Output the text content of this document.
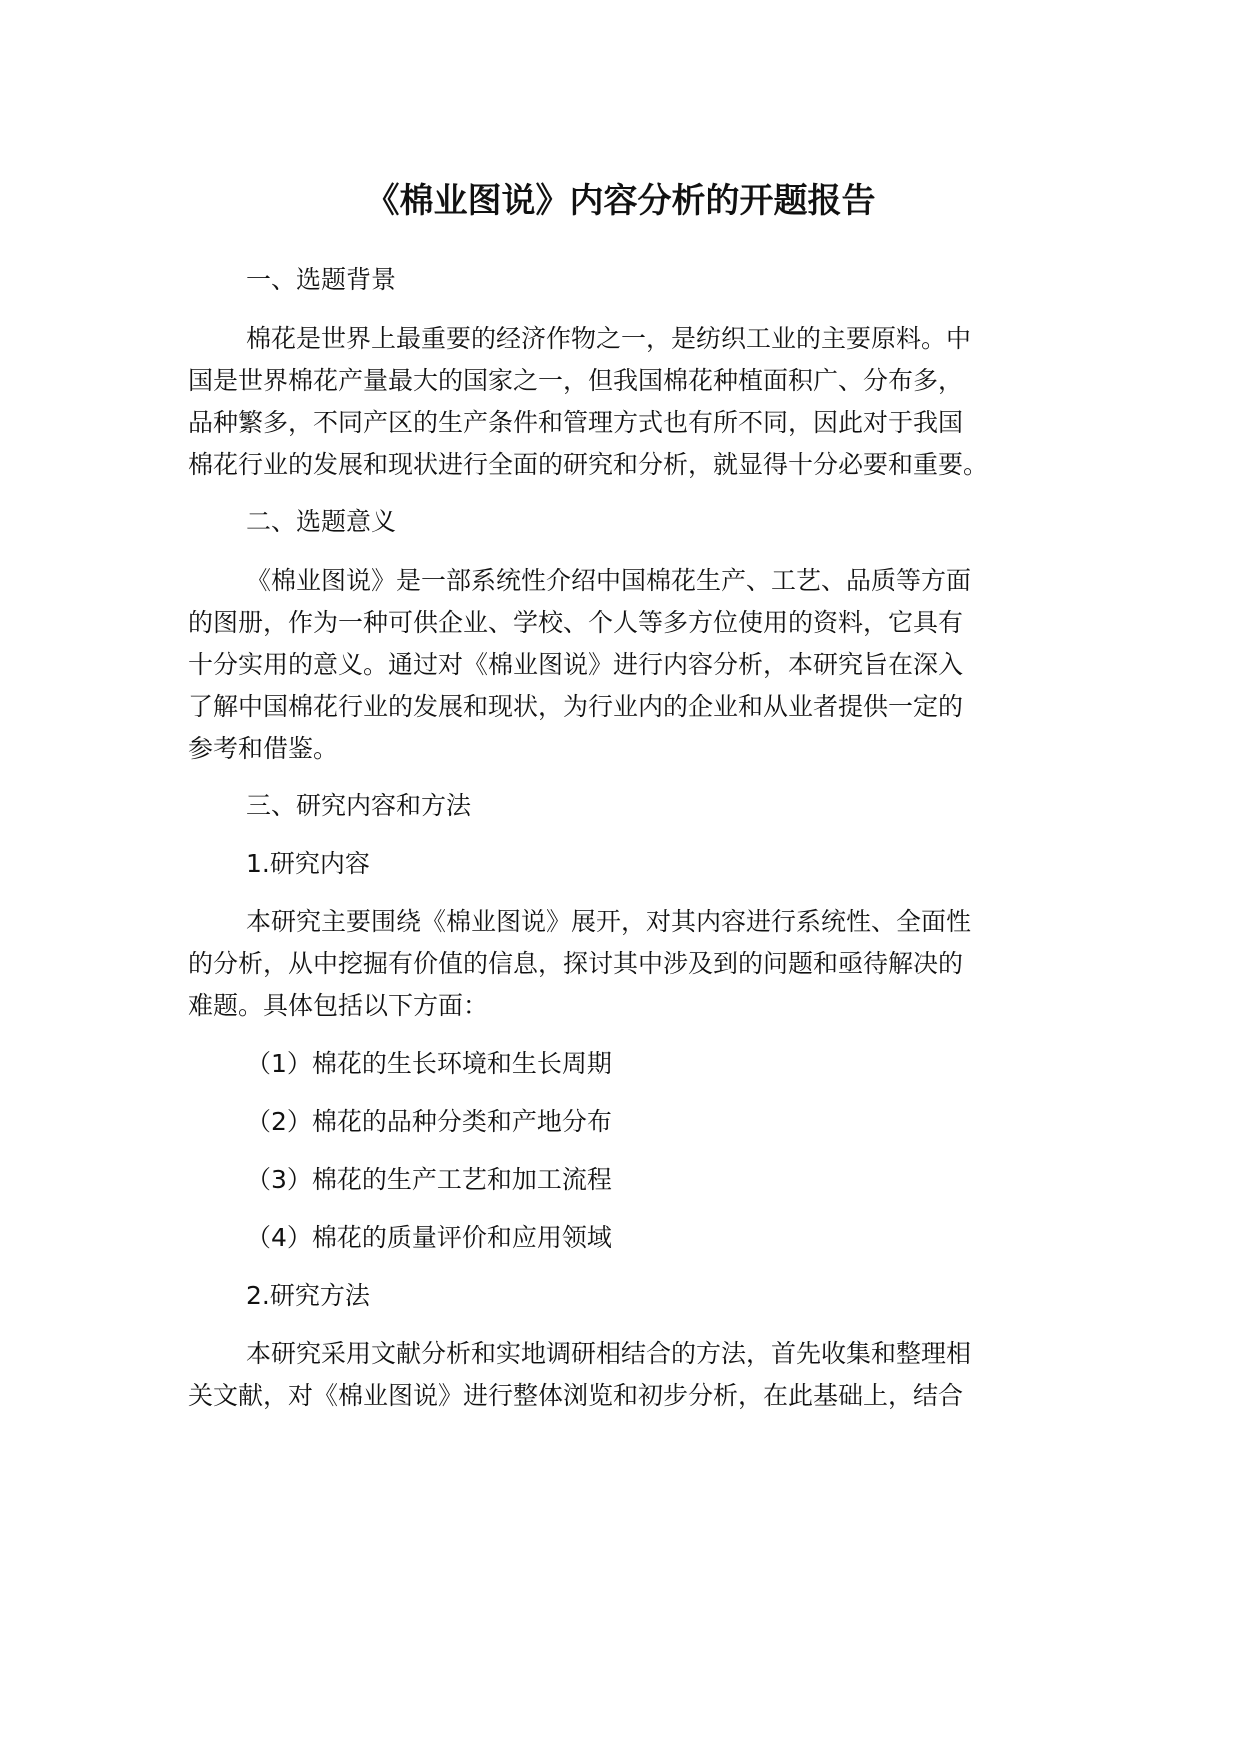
《棉业图说》内容分析的开题报告
一、选题背景
棉花是世界上最重要的经济作物之一，是纺织工业的主要原料。中
国是世界棉花产量最大的国家之一，但我国棉花种植面积广、分布多，
品种繁多，不同产区的生产条件和管理方式也有所不同，因此对于我国
棉花行业的发展和现状进行全面的研究和分析，就显得十分必要和重要。
二、选题意义
《棉业图说》是一部系统性介绍中国棉花生产、工艺、品质等方面
的图册，作为一种可供企业、学校、个人等多方位使用的资料，它具有
十分实用的意义。通过对《棉业图说》进行内容分析，本研究旨在深入
了解中国棉花行业的发展和现状，为行业内的企业和从业者提供一定的
参考和借鉴。
三、研究内容和方法
1.研究内容
本研究主要围绕《棉业图说》展开，对其内容进行系统性、全面性
的分析，从中挖掘有价值的信息，探讨其中涉及到的问题和亟待解决的
难题。具体包括以下方面：
（1）棉花的生长环境和生长周期
（2）棉花的品种分类和产地分布
（3）棉花的生产工艺和加工流程
（4）棉花的质量评价和应用领域
2.研究方法
本研究采用文献分析和实地调研相结合的方法，首先收集和整理相
关文献，对《棉业图说》进行整体浏览和初步分析，在此基础上，结合
